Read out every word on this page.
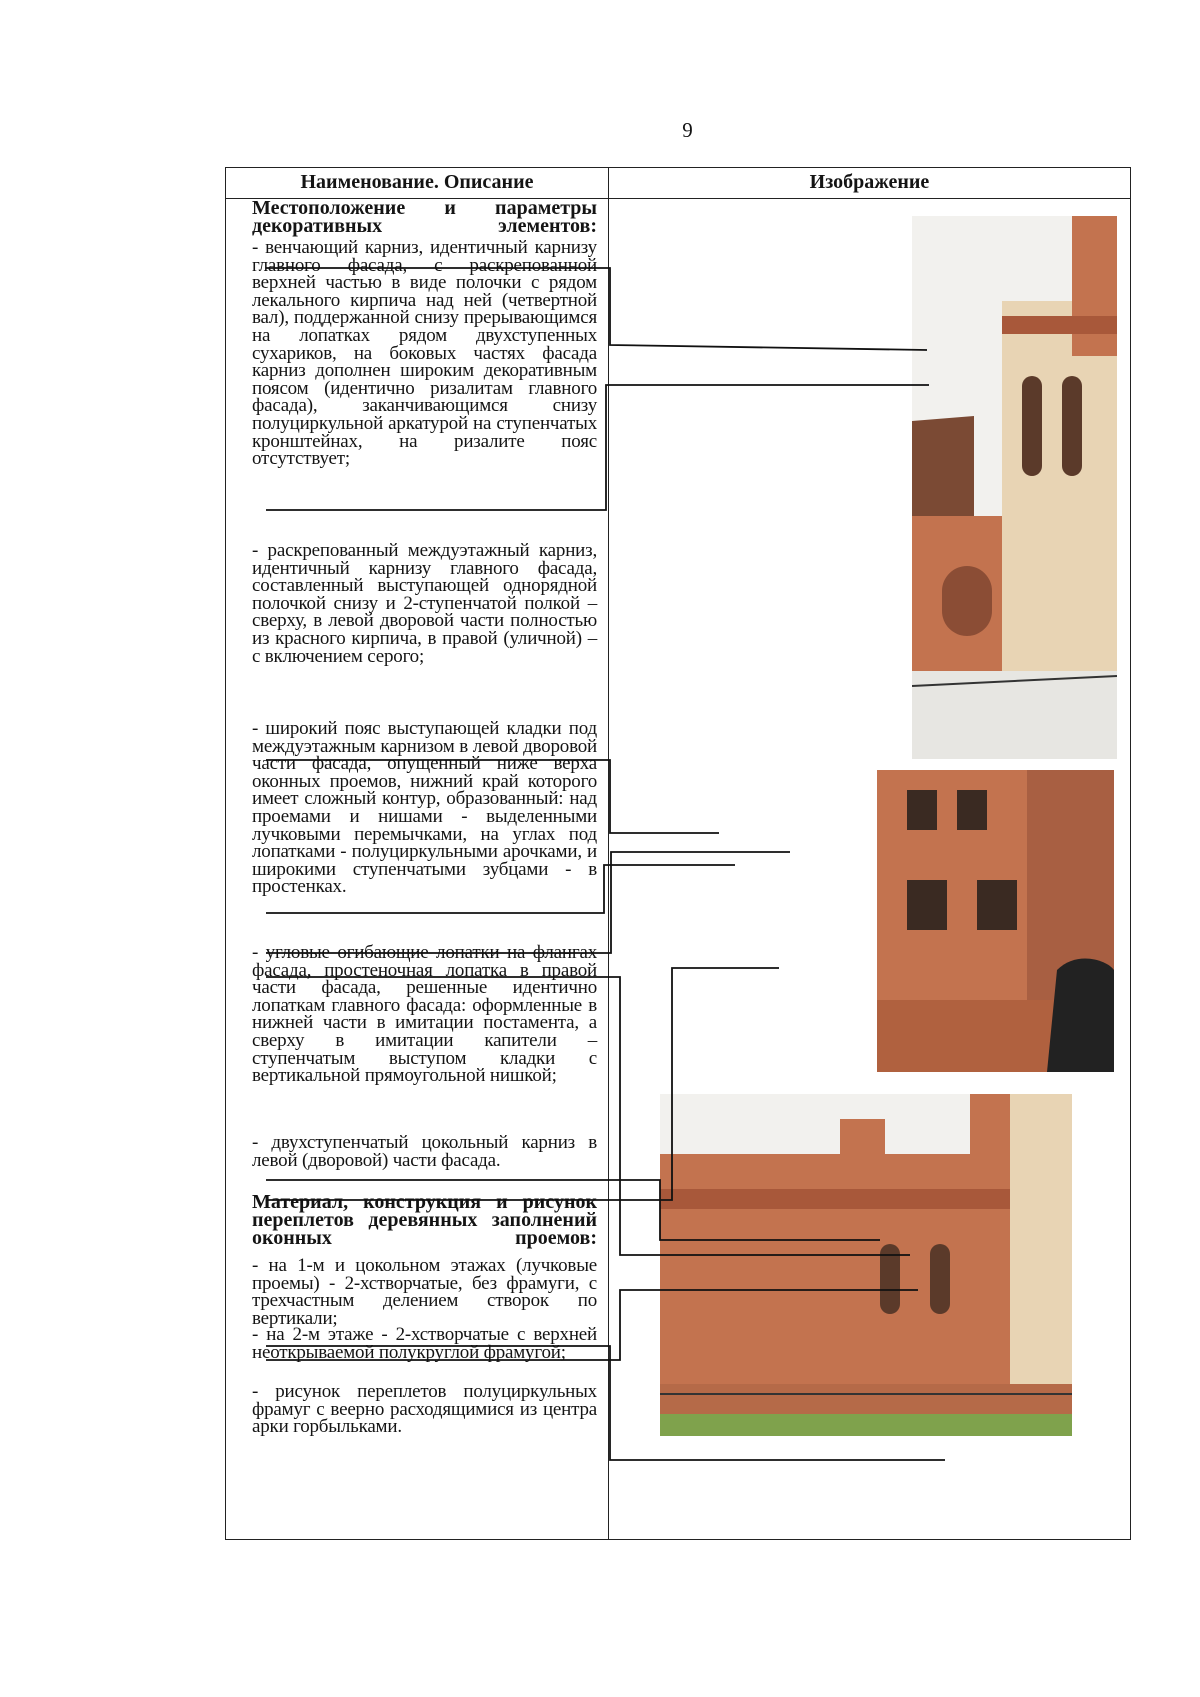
9
Наименование. Описание	Изображение
Местоположение и параметры декоративных элементов:
- венчающий карниз, идентичный карнизу главного фасада, с раскрепованной верхней частью в виде полочки с рядом лекального кирпича над ней (четвертной вал), поддержанной снизу прерывающимся на лопатках рядом двухступенных сухариков, на боковых частях фасада карниз дополнен широким декоративным поясом (идентично ризалитам главного фасада), заканчивающимся снизу полуциркульной аркатурой на ступенчатых кронштейнах, на ризалите пояс отсутствует;
- раскрепованный междуэтажный карниз, идентичный карнизу главного фасада, составленный выступающей однорядной полочкой снизу и 2-ступенчатой полкой – сверху, в левой дворовой части полностью из красного кирпича, в правой (уличной) – с включением серого;
- широкий пояс выступающей кладки под междуэтажным карнизом в левой дворовой части фасада, опущенный ниже верха оконных проемов, нижний край которого имеет сложный контур, образованный: над проемами и нишами - выделенными лучковыми перемычками, на углах под лопатками - полуциркульными арочками, и широкими ступенчатыми зубцами - в простенках.
- угловые огибающие лопатки на флангах фасада, простеночная лопатка в правой части фасада, решенные идентично лопаткам главного фасада: оформленные в нижней части в имитации постамента, а сверху в имитации капители – ступенчатым выступом кладки с вертикальной прямоугольной нишкой;
- двухступенчатый цокольный карниз в левой (дворовой) части фасада.
Материал, конструкция и рисунок переплетов деревянных заполнений оконных проемов:
- на 1-м и цокольном этажах (лучковые проемы) - 2-хстворчатые, без фрамуги, с трехчастным делением створок по вертикали;
- на 2-м этаже - 2-хстворчатые с верхней неоткрываемой полукруглой фрамугой;
- рисунок переплетов полуциркульных фрамуг с веерно расходящимися из центра арки горбыльками.
